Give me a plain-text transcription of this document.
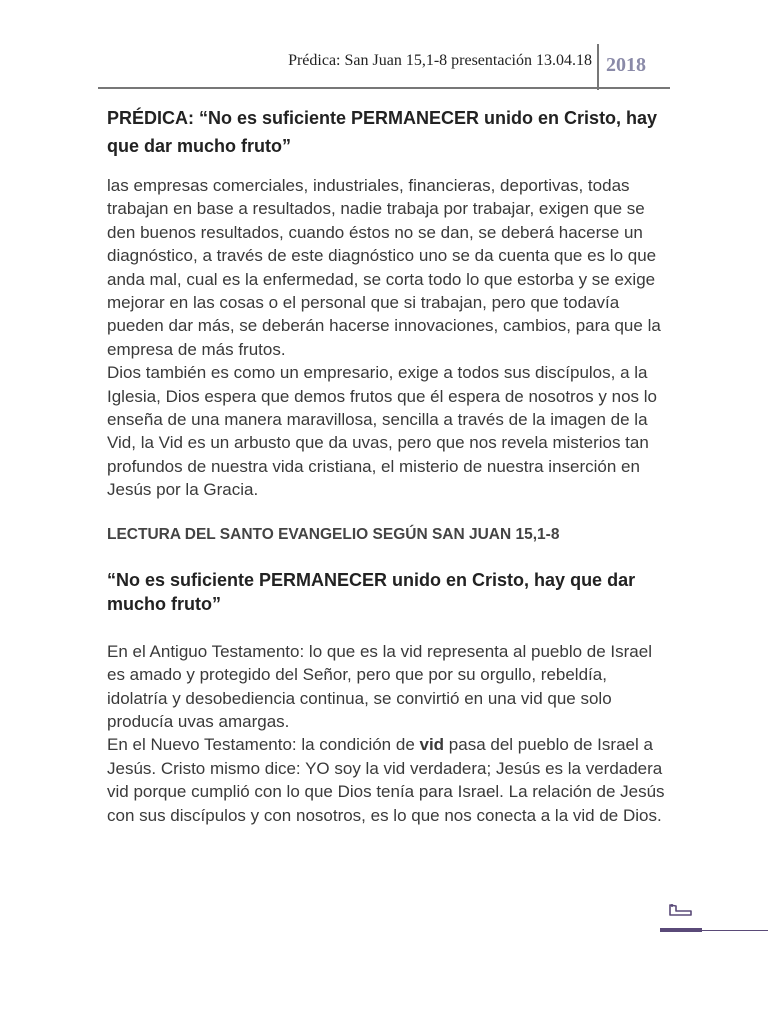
Prédica: San Juan 15,1-8 presentación 13.04.18 2018
PRÉDICA: “No es suficiente PERMANECER unido en Cristo, hay que dar mucho fruto”

las empresas comerciales, industriales, financieras, deportivas, todas trabajan en base a resultados, nadie trabaja por trabajar, exigen que se den buenos resultados, cuando éstos no se dan, se deberá hacerse un diagnóstico, a través de este diagnóstico uno se da cuenta que es lo que anda mal, cual es la enfermedad, se corta todo lo que estorba y se exige mejorar en las cosas o el personal que si trabajan, pero que todavía pueden dar más, se deberán hacerse innovaciones, cambios, para que la empresa de más frutos.

Dios también es como un empresario, exige a todos sus discípulos, a la Iglesia, Dios espera que demos frutos que él espera de nosotros y nos lo enseña de una manera maravillosa, sencilla a través de la imagen de la Vid, la Vid es un arbusto que da uvas, pero que nos revela misterios tan profundos de nuestra vida cristiana, el misterio de nuestra inserción en Jesús por la Gracia.

LECTURA DEL SANTO EVANGELIO SEGÚN SAN JUAN 15,1-8
“No es suficiente PERMANECER unido en Cristo, hay que dar mucho fruto”

En el Antiguo Testamento: lo que es la vid representa al pueblo de Israel es amado y protegido del Señor, pero que por su orgullo, rebeldía, idolatría y desobediencia continua, se convirtió en una vid que solo producía uvas amargas.

En el Nuevo Testamento: la condición de vid pasa del pueblo de Israel a Jesús. Cristo mismo dice: YO soy la vid verdadera; Jesús es la verdadera vid porque cumplió con lo que Dios tenía para Israel. La relación de Jesús con sus discípulos y con nosotros, es lo que nos conecta a la vid de Dios.
